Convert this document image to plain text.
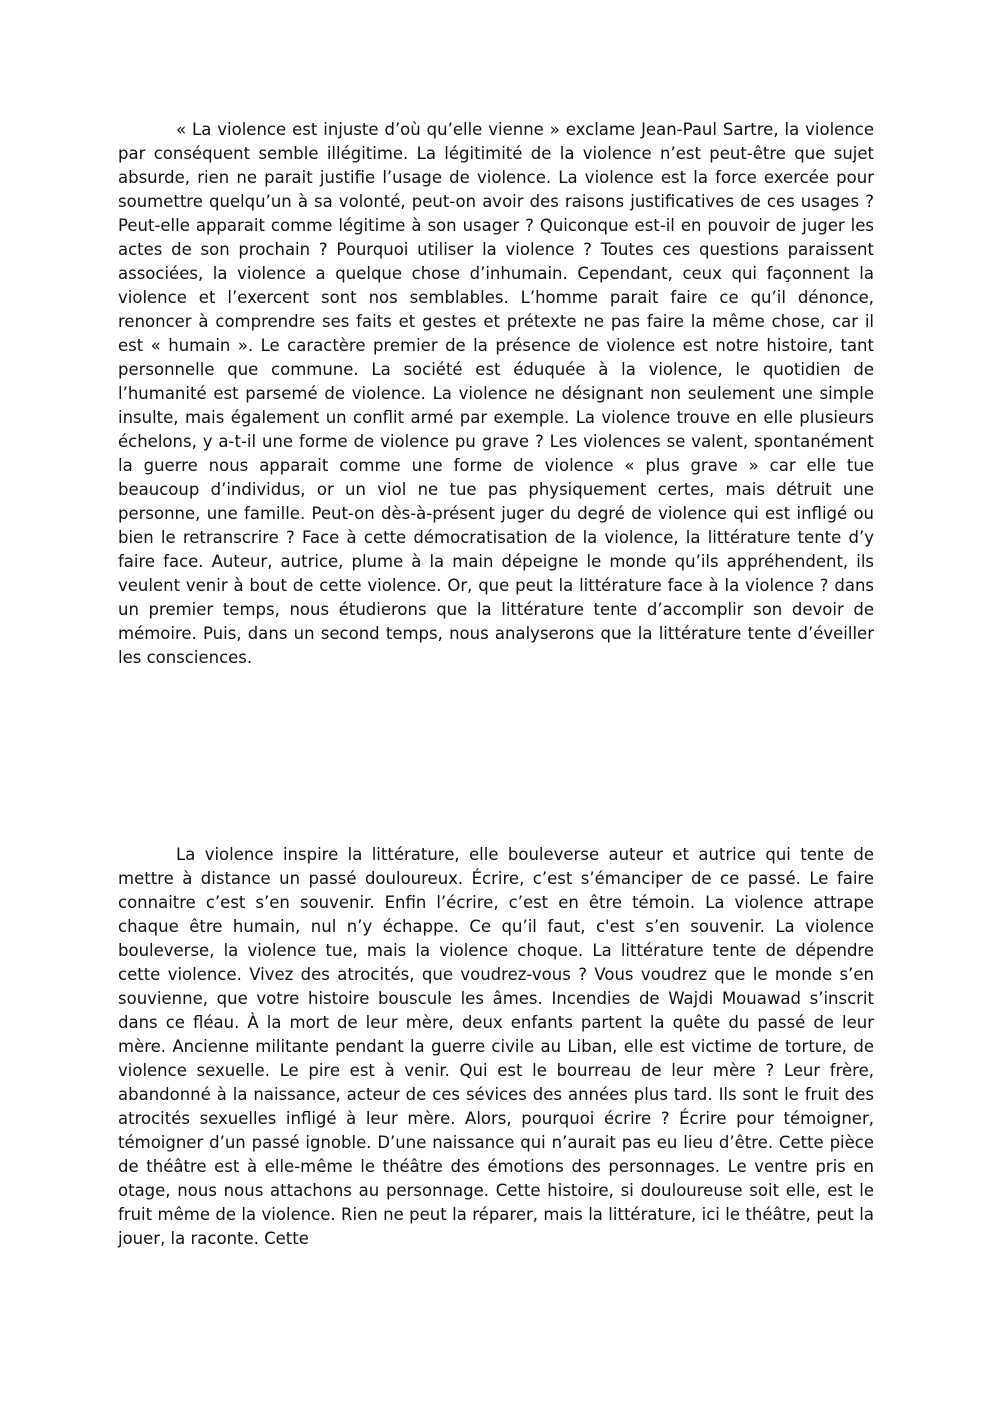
« La violence est injuste d’où qu’elle vienne » exclame Jean-Paul Sartre, la violence par conséquent semble illégitime. La légitimité de la violence n’est peut-être que sujet absurde, rien ne parait justifie l’usage de violence. La violence est la force exercée pour soumettre quelqu’un à sa volonté, peut-on avoir des raisons justificatives de ces usages ? Peut-elle apparait comme légitime à son usager ? Quiconque est-il en pouvoir de juger les actes de son prochain ? Pourquoi utiliser la violence ? Toutes ces questions paraissent associées, la violence a quelque chose d’inhumain. Cependant, ceux qui façonnent la violence et l’exercent sont nos semblables. L’homme parait faire ce qu’il dénonce, renoncer à comprendre ses faits et gestes et prétexte ne pas faire la même chose, car il est « humain ». Le caractère premier de la présence de violence est notre histoire, tant personnelle que commune. La société est éduquée à la violence, le quotidien de l’humanité est parsemé de violence. La violence ne désignant non seulement une simple insulte, mais également un conflit armé par exemple. La violence trouve en elle plusieurs échelons, y a-t-il une forme de violence pu grave ? Les violences se valent, spontanément la guerre nous apparait comme une forme de violence « plus grave » car elle tue beaucoup d’individus, or un viol ne tue pas physiquement certes, mais détruit une personne, une famille. Peut-on dès-à-présent juger du degré de violence qui est infligé ou bien le retranscrire ? Face à cette démocratisation de la violence, la littérature tente d’y faire face. Auteur, autrice, plume à la main dépeigne le monde qu’ils appréhendent, ils veulent venir à bout de cette violence. Or, que peut la littérature face à la violence ? dans un premier temps, nous étudierons que la littérature tente d’accomplir son devoir de mémoire. Puis, dans un second temps, nous analyserons que la littérature tente d’éveiller les consciences.

La violence inspire la littérature, elle bouleverse auteur et autrice qui tente de mettre à distance un passé douloureux. Écrire, c’est s’émanciper de ce passé. Le faire connaitre c’est s’en souvenir. Enfin l’écrire, c’est en être témoin. La violence attrape chaque être humain, nul n’y échappe. Ce qu’il faut, c'est s’en souvenir. La violence bouleverse, la violence tue, mais la violence choque. La littérature tente de dépendre cette violence. Vivez des atrocités, que voudrez-vous ? Vous voudrez que le monde s’en souvienne, que votre histoire bouscule les âmes. Incendies de Wajdi Mouawad s’inscrit dans ce fléau. À la mort de leur mère, deux enfants partent la quête du passé de leur mère. Ancienne militante pendant la guerre civile au Liban, elle est victime de torture, de violence sexuelle. Le pire est à venir. Qui est le bourreau de leur mère ? Leur frère, abandonné à la naissance, acteur de ces sévices des années plus tard. Ils sont le fruit des atrocités sexuelles infligé à leur mère. Alors, pourquoi écrire ? Écrire pour témoigner, témoigner d’un passé ignoble. D’une naissance qui n’aurait pas eu lieu d’être. Cette pièce de théâtre est à elle-même le théâtre des émotions des personnages. Le ventre pris en otage, nous nous attachons au personnage. Cette histoire, si douloureuse soit elle, est le fruit même de la violence. Rien ne peut la réparer, mais la littérature, ici le théâtre, peut la jouer, la raconte. Cette
